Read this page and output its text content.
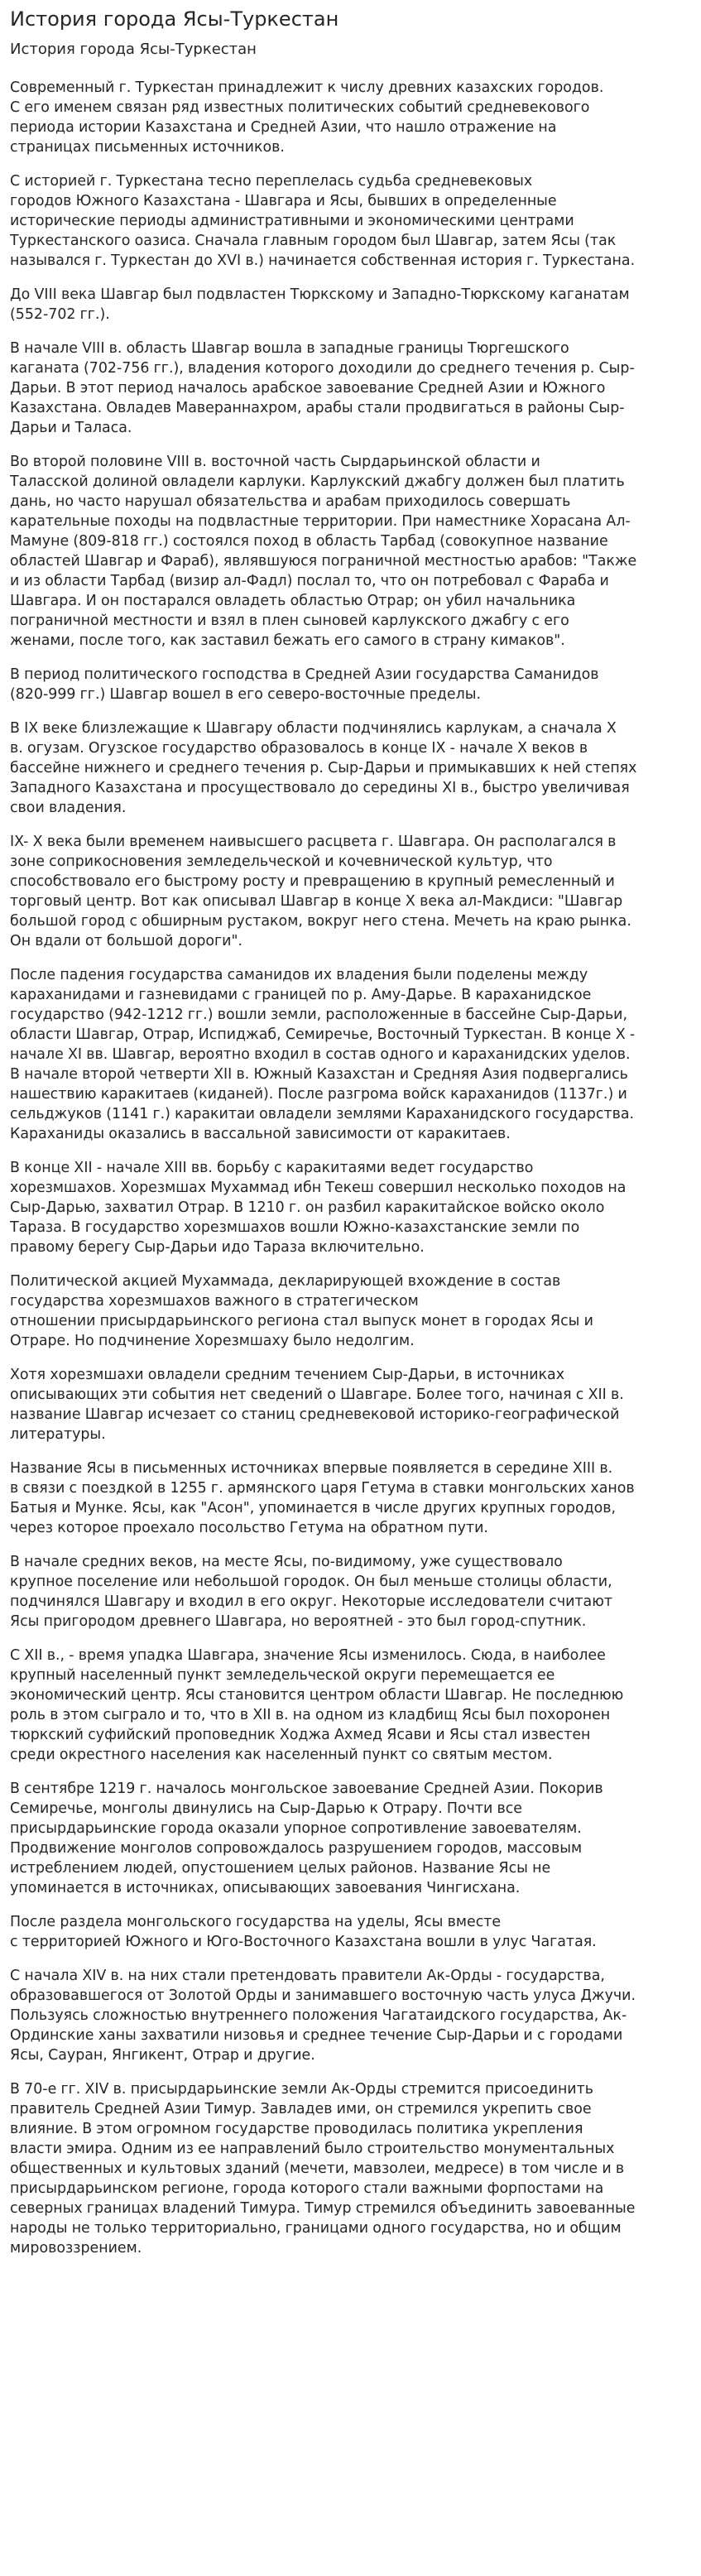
История города Ясы-Туркестан
История города Ясы-Туркестан

Современный г. Туркестан принадлежит к числу древних казахских городов.
С его именем связан ряд известных политических событий средневекового
периода истории Казахстана и Средней Азии, что нашло отражение на
страницах письменных источников.

С историей г. Туркестана тесно переплелась судьба средневековых
городов Южного Казахстана - Шавгара и Ясы, бывших в определенные
исторические периоды административными и экономическими центрами
Туркестанского оазиса. Сначала главным городом был Шавгар, затем Ясы (так
назывался г. Туркестан до XVI в.) начинается собственная история г. Туркестана.

До VIII века Шавгар был подвластен Тюркскому и Западно-Тюркскому каганатам
(552-702 гг.).

В начале VIII в. область Шавгар вошла в западные границы Тюргешского
каганата (702-756 гг.), владения которого доходили до среднего течения р. Сыр-
Дарьи. В этот период началось арабское завоевание Средней Азии и Южного
Казахстана. Овладев Мавераннахром, арабы стали продвигаться в районы Сыр-
Дарьи и Таласа.

Во второй половине VIII в. восточной часть Сырдарьинской области и
Таласской долиной овладели карлуки. Карлукский джабгу должен был платить
дань, но часто нарушал обязательства и арабам приходилось совершать
карательные походы на подвластные территории. При наместнике Хорасана Ал-
Мамуне (809-818 гг.) состоялся поход в область Тарбад (совокупное название
областей Шавгар и Фараб), являвшуюся пограничной местностью арабов: "Также
и из области Тарбад (визир ал-Фадл) послал то, что он потребовал с Фараба и
Шавгара. И он постарался овладеть областью Отрар; он убил начальника
пограничной местности и взял в плен сыновей карлукского джабгу с его
женами, после того, как заставил бежать его самого в страну кимаков".

В период политического господства в Средней Азии государства Саманидов
(820-999 гг.) Шавгар вошел в его северо-восточные пределы.

В IX веке близлежащие к Шавгару области подчинялись карлукам, а сначала Х
в. огузам. Огузское государство образовалось в конце IX - начале Х веков в
бассейне нижнего и среднего течения р. Сыр-Дарьи и примыкавших к ней степях
Западного Казахстана и просуществовало до середины XI в., быстро увеличивая
свои владения.

IX- X века были временем наивысшего расцвета г. Шавгара. Он располагался в
зоне соприкосновения земледельческой и кочевнической культур, что
способствовало его быстрому росту и превращению в крупный ремесленный и
торговый центр. Вот как описывал Шавгар в конце Х века ал-Макдиси: "Шавгар
большой город с обширным рустаком, вокруг него стена. Мечеть на краю рынка.
Он вдали от большой дороги".

После падения государства саманидов их владения были поделены между
караханидами и газневидами с границей по р. Аму-Дарье. В караханидское
государство (942-1212 гг.) вошли земли, расположенные в бассейне Сыр-Дарьи,
области Шавгар, Отрар, Испиджаб, Семиречье, Восточный Туркестан. В конце Х -
начале XI вв. Шавгар, вероятно входил в состав одного и караханидских уделов.
В начале второй четверти XII в. Южный Казахстан и Средняя Азия подвергались
нашествию каракитаев (киданей). После разгрома войск караханидов (1137г.) и
сельджуков (1141 г.) каракитаи овладели землями Караханидского государства.
Караханиды оказались в вассальной зависимости от каракитаев.

В конце XII - начале XIII вв. борьбу с каракитаями ведет государство
хорезмшахов. Хорезмшах Мухаммад ибн Текеш совершил несколько походов на
Сыр-Дарью, захватил Отрар. В 1210 г. он разбил каракитайское войско около
Тараза. В государство хорезмшахов вошли Южно-казахстанские земли по
правому берегу Сыр-Дарьи идо Тараза включительно.

Политической акцией Мухаммада, декларирующей вхождение в состав
государства хорезмшахов важного в стратегическом
отношении присырдарьинского региона стал выпуск монет в городах Ясы и
Отраре. Но подчинение Хорезмшаху было недолгим.

Хотя хорезмшахи овладели средним течением Сыр-Дарьи, в источниках
описывающих эти события нет сведений о Шавгаре. Более того, начиная с XII в.
название Шавгар исчезает со станиц средневековой историко-географической
литературы.

Название Ясы в письменных источниках впервые появляется в середине XIII в.
в связи с поездкой в 1255 г. армянского царя Гетума в ставки монгольских ханов
Батыя и Мунке. Ясы, как "Асон", упоминается в числе других крупных городов,
через которое проехало посольство Гетума на обратном пути.

В начале средних веков, на месте Ясы, по-видимому, уже существовало
крупное поселение или небольшой городок. Он был меньше столицы области,
подчинялся Шавгару и входил в его округ. Некоторые исследователи считают
Ясы пригородом древнего Шавгара, но вероятней - это был город-спутник.

С XII в., - время упадка Шавгара, значение Ясы изменилось. Сюда, в наиболее
крупный населенный пункт земледельческой округи перемещается ее
экономический центр. Ясы становится центром области Шавгар. Не последнюю
роль в этом сыграло и то, что в XII в. на одном из кладбищ Ясы был похоронен
тюркский суфийский проповедник Ходжа Ахмед Ясави и Ясы стал известен
среди окрестного населения как населенный пункт со святым местом.

В сентябре 1219 г. началось монгольское завоевание Средней Азии. Покорив
Семиречье, монголы двинулись на Сыр-Дарью к Отрару. Почти все
присырдарьинские города оказали упорное сопротивление завоевателям.
Продвижение монголов сопровождалось разрушением городов, массовым
истреблением людей, опустошением целых районов. Название Ясы не
упоминается в источниках, описывающих завоевания Чингисхана.

После раздела монгольского государства на уделы, Ясы вместе
с территорией Южного и Юго-Восточного Казахстана вошли в улус Чагатая.

С начала XIV в. на них стали претендовать правители Ак-Орды - государства,
образовавшегося от Золотой Орды и занимавшего восточную часть улуса Джучи.
Пользуясь сложностью внутреннего положения Чагатаидского государства, Ак-
Ординские ханы захватили низовья и среднее течение Сыр-Дарьи и с городами
Ясы, Сауран, Янгикент, Отрар и другие.

В 70-е гг. XIV в. присырдарьинские земли Ак-Орды стремится присоединить
правитель Средней Азии Тимур. Завладев ими, он стремился укрепить свое
влияние. В этом огромном государстве проводилась политика укрепления
власти эмира. Одним из ее направлений было строительство монументальных
общественных и культовых зданий (мечети, мавзолеи, медресе) в том числе и в
присырдарьинском регионе, города которого стали важными форпостами на
северных границах владений Тимура. Тимур стремился объединить завоеванные
народы не только территориально, границами одного государства, но и общим
мировоззрением.
